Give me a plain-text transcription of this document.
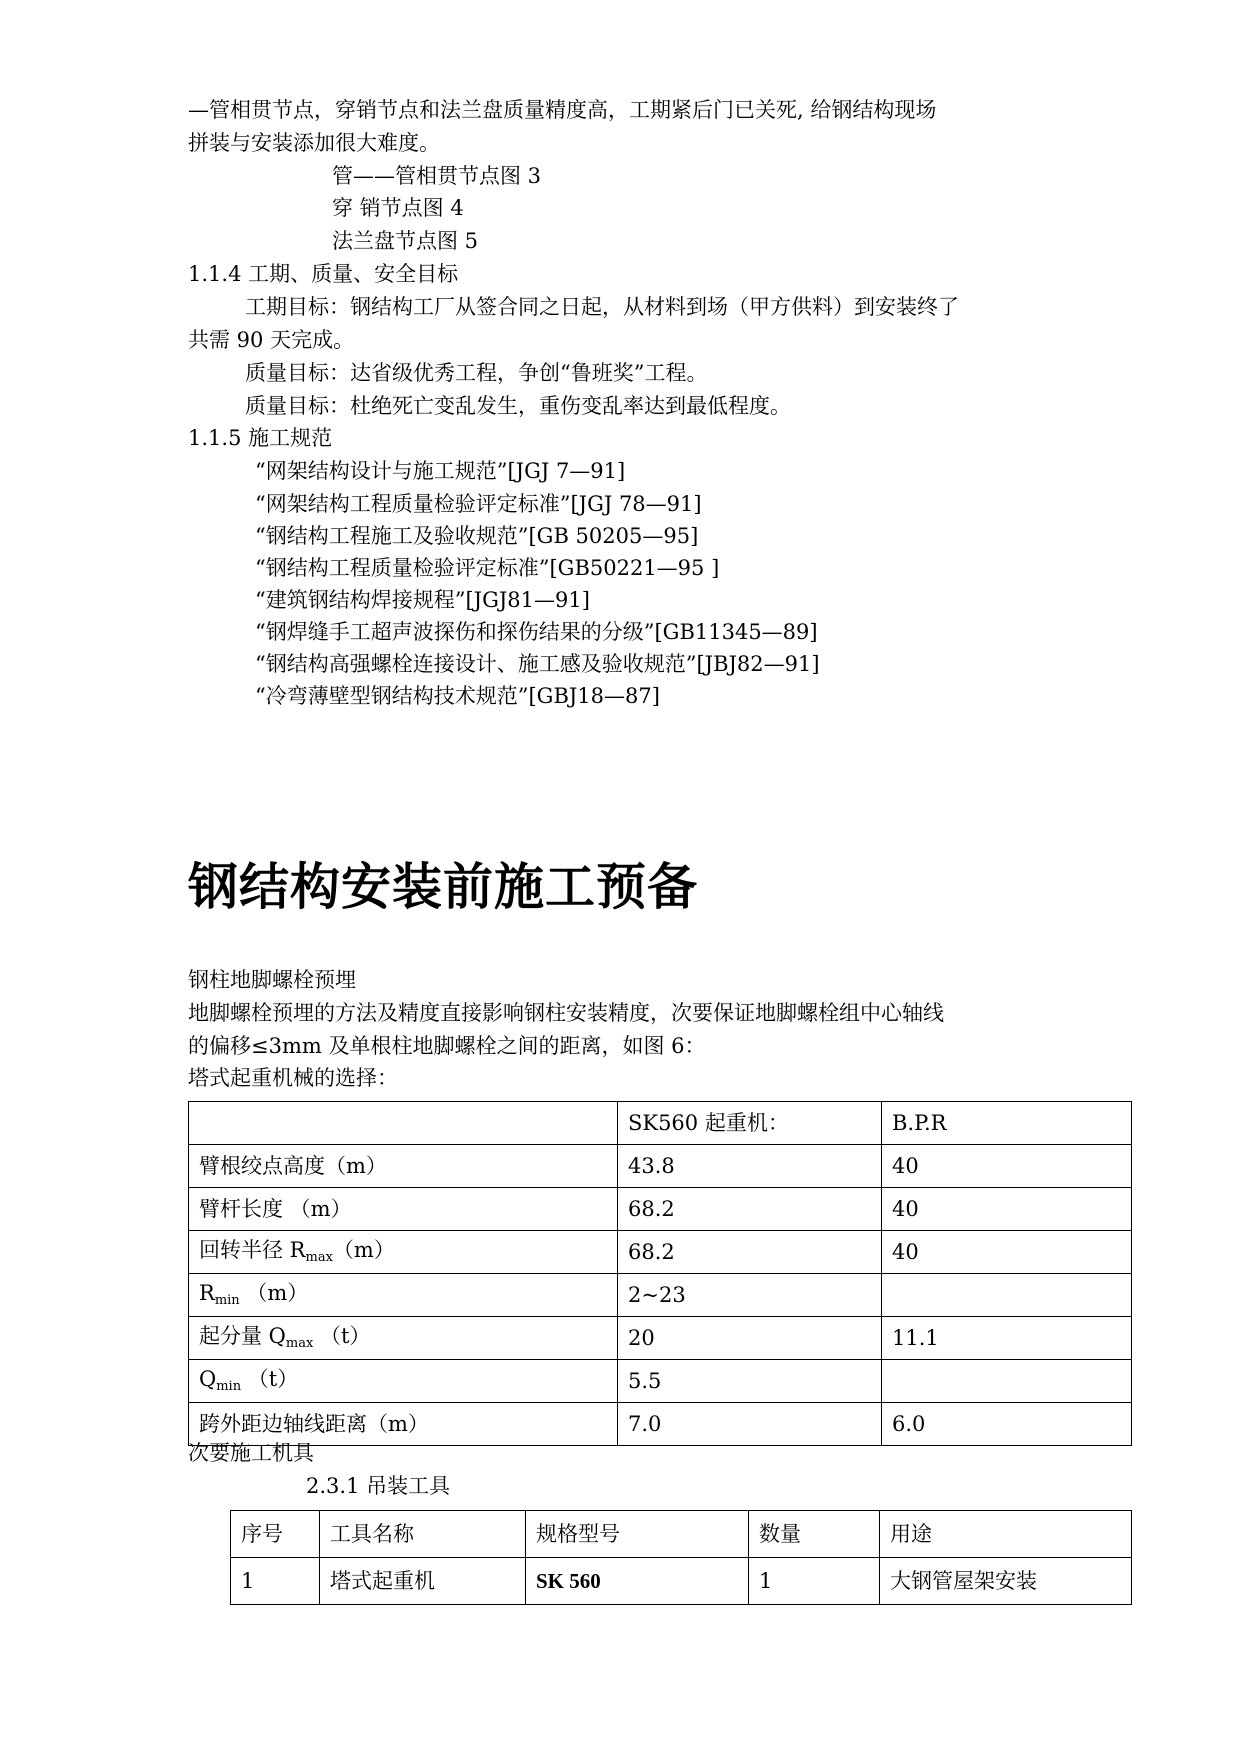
—管相贯节点，穿销节点和法兰盘质量精度高，工期紧后门已关死, 给钢结构现场
拼装与安装添加很大难度。
管——管相贯节点图 3
穿 销节点图 4
法兰盘节点图 5
1.1.4 工期、质量、安全目标
工期目标：钢结构工厂从签合同之日起，从材料到场（甲方供料）到安装终了
共需 90 天完成。
质量目标：达省级优秀工程，争创“鲁班奖”工程。
质量目标：杜绝死亡变乱发生，重伤变乱率达到最低程度。
1.1.5 施工规范
“网架结构设计与施工规范”[JGJ 7—91]
“网架结构工程质量检验评定标准”[JGJ 78—91]
“钢结构工程施工及验收规范”[GB 50205—95]
“钢结构工程质量检验评定标准”[GB50221—95 ]
“建筑钢结构焊接规程”[JGJ81—91]
“钢焊缝手工超声波探伤和探伤结果的分级”[GB11345—89]
“钢结构高强螺栓连接设计、施工感及验收规范”[JBJ82—91]
“冷弯薄壁型钢结构技术规范”[GBJ18—87]
钢结构安装前施工预备
钢柱地脚螺栓预埋
地脚螺栓预埋的方法及精度直接影响钢柱安装精度，次要保证地脚螺栓组中心轴线
的偏移≤3mm 及单根柱地脚螺栓之间的距离，如图 6：
塔式起重机械的选择：
	SK560 起重机：	B.P.R
臂根绞点高度（m）	43.8	40
臂杆长度 （m）	68.2	40
回转半径 $R_{max}(m)$	68.2	40
$R_{min}$ （m）	2~23	
起分量 $Q_{max}$ （t）	20	11.1
$Q_{min}$ （t）	5.5	
跨外距边轴线距离（m）	7.0	6.0
次要施工机具
2.3.1 吊装工具
序号	工具名称	规格型号	数量	用途
1	塔式起重机	SK 560	1	大钢管屋架安装
